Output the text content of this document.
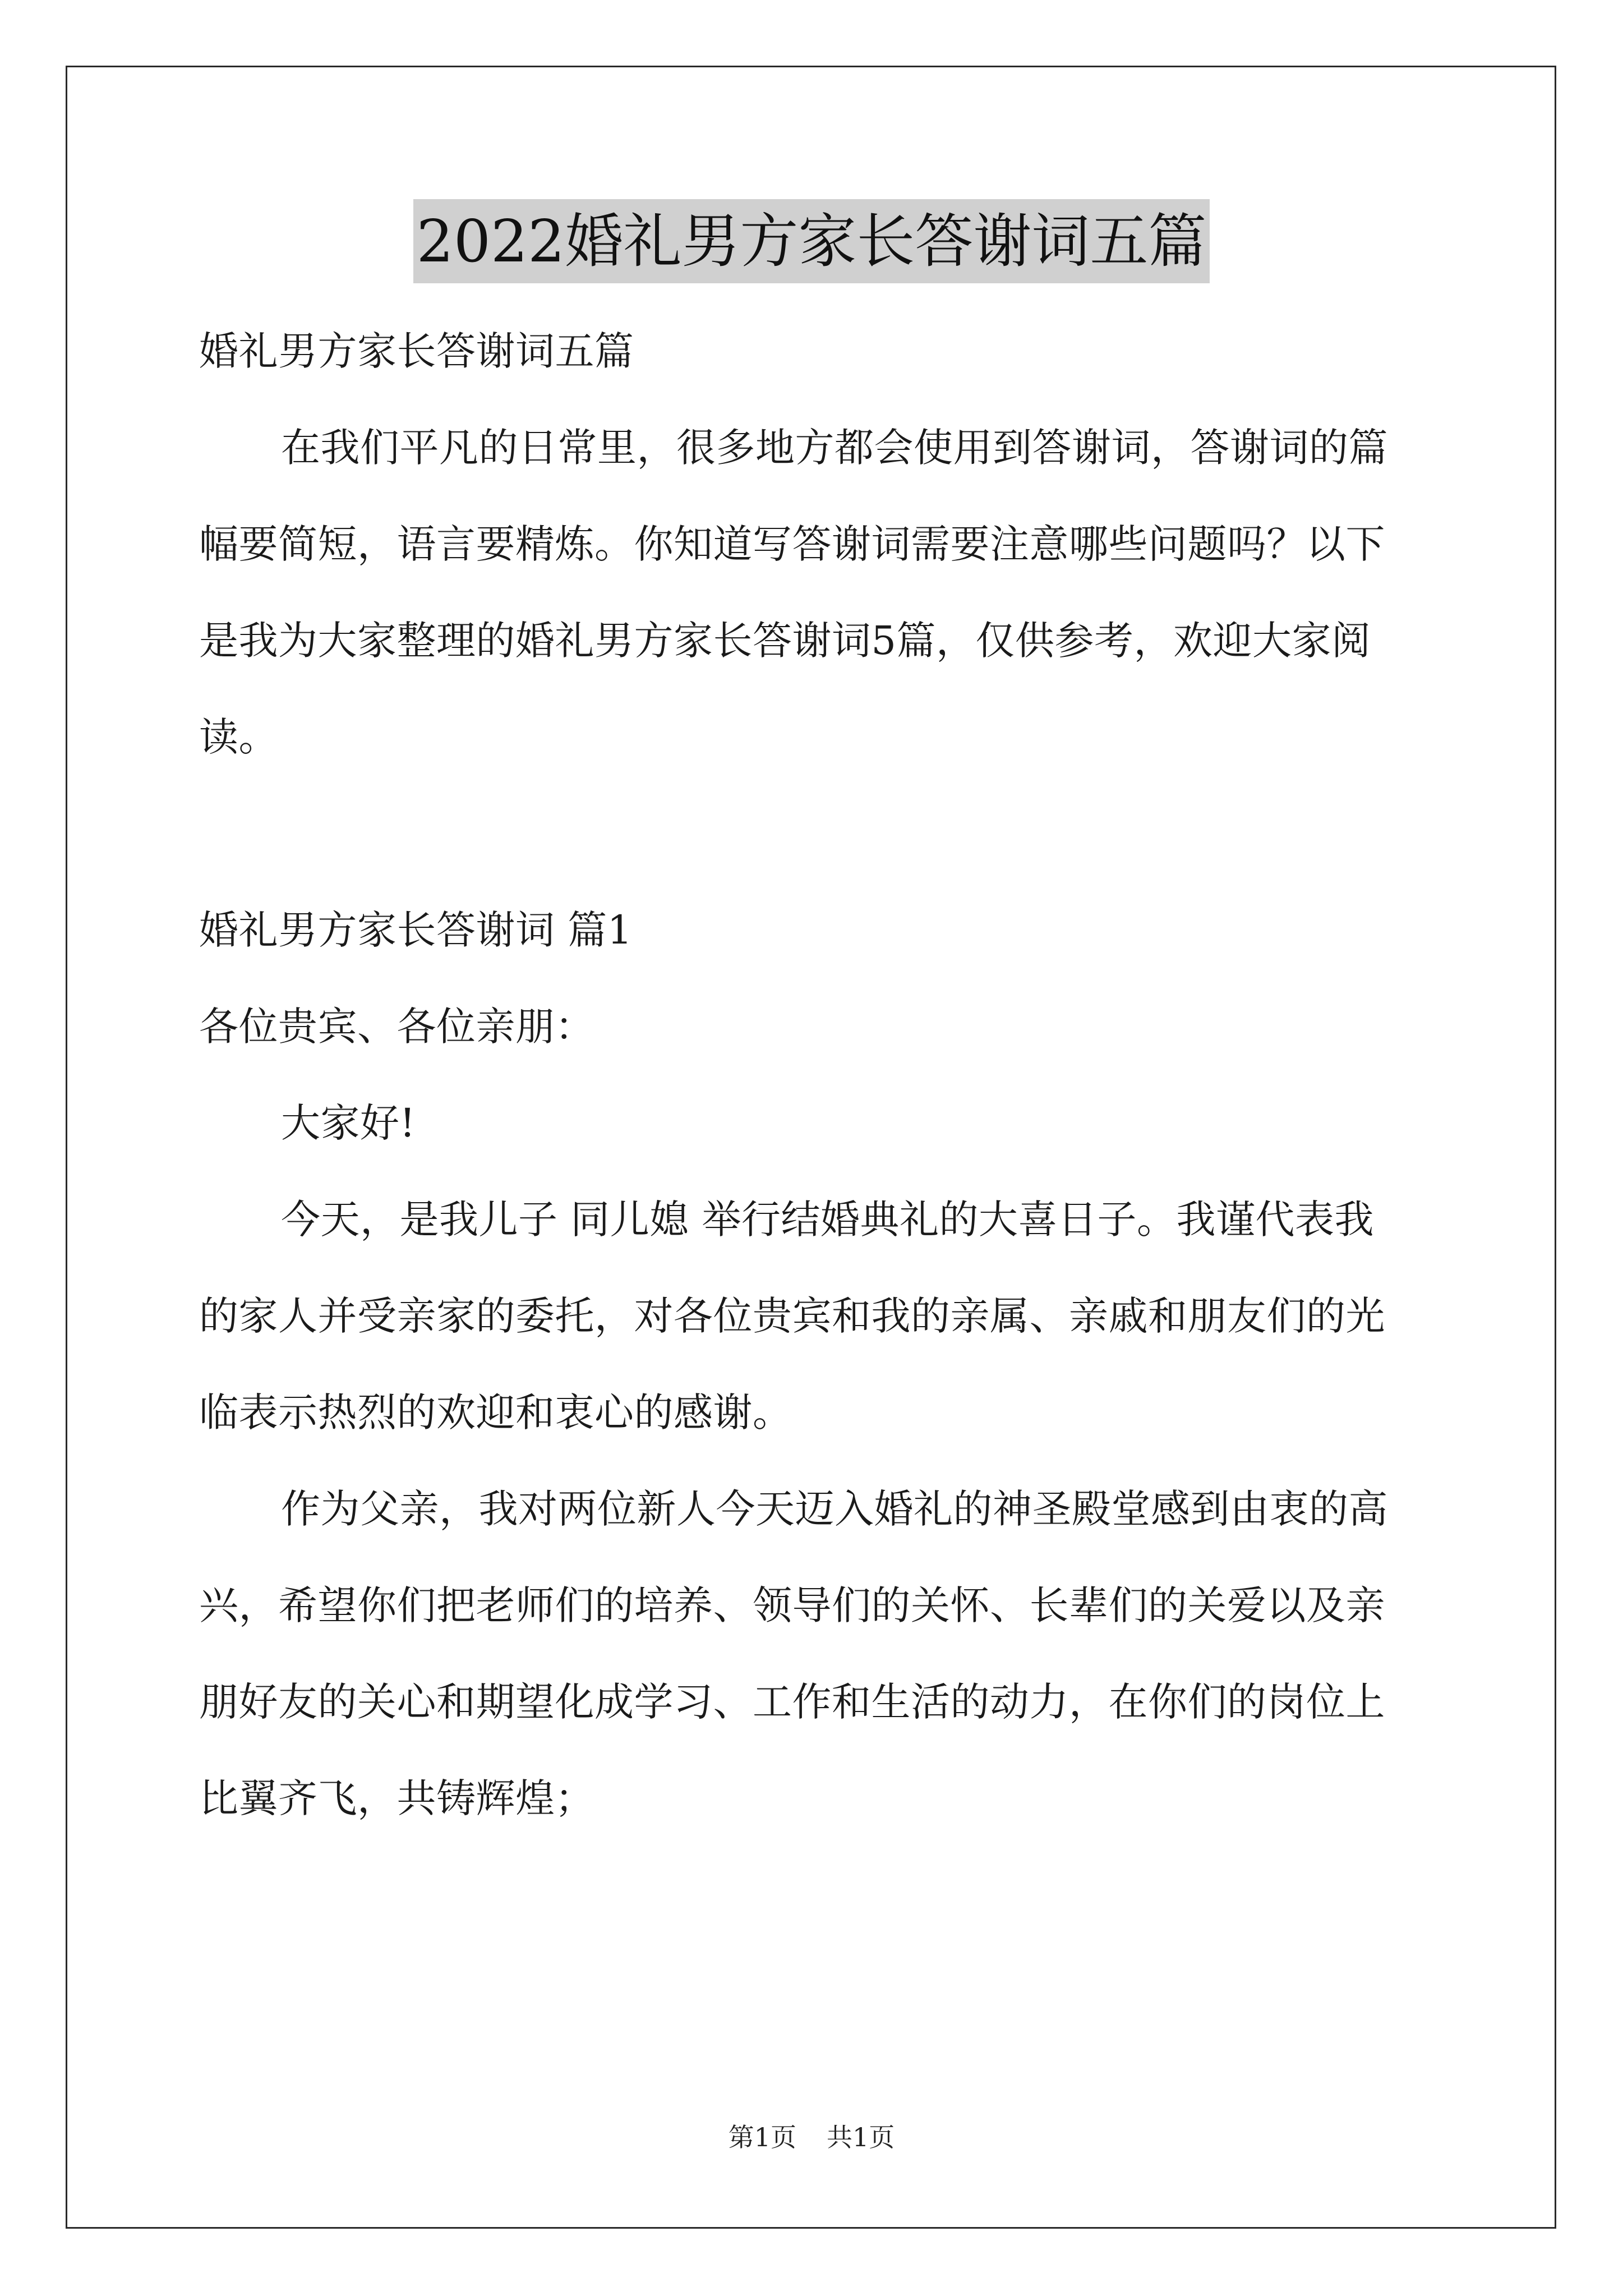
2022婚礼男方家长答谢词五篇
婚礼男方家长答谢词五篇
在我们平凡的日常里，很多地方都会使用到答谢词，答谢词的篇
幅要简短，语言要精炼。你知道写答谢词需要注意哪些问题吗？以下
是我为大家整理的婚礼男方家长答谢词5篇，仅供参考，欢迎大家阅
读。
婚礼男方家长答谢词 篇1
各位贵宾、各位亲朋：
大家好!
今天，是我儿子 同儿媳 举行结婚典礼的大喜日子。我谨代表我
的家人并受亲家的委托，对各位贵宾和我的亲属、亲戚和朋友们的光
临表示热烈的欢迎和衷心的感谢。
作为父亲，我对两位新人今天迈入婚礼的神圣殿堂感到由衷的高
兴，希望你们把老师们的培养、领导们的关怀、长辈们的关爱以及亲
朋好友的关心和期望化成学习、工作和生活的动力，在你们的岗位上
比翼齐飞，共铸辉煌；
第1页 共1页
